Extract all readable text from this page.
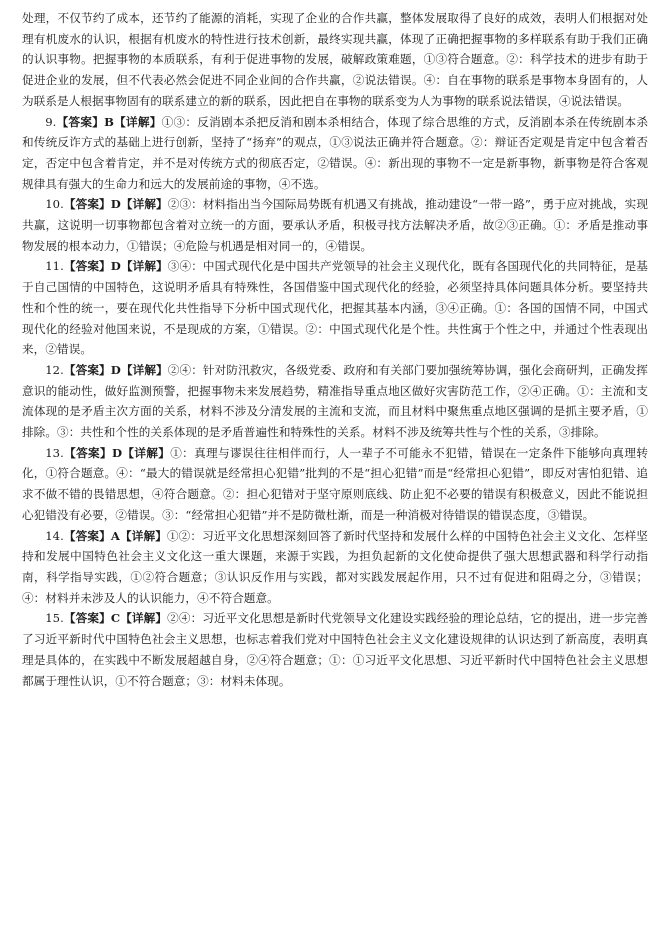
处理，不仅节约了成本，还节约了能源的消耗，实现了企业的合作共赢，整体发展取得了良好的成效，表明人们根据对处理有机废水的认识，根据有机废水的特性进行技术创新，最终实现共赢，体现了正确把握事物的多样联系有助于我们正确的认识事物。把握事物的本质联系，有利于促进事物的发展，破解政策难题，①③符合题意。②：科学技术的进步有助于促进企业的发展，但不代表必然会促进不同企业间的合作共赢，②说法错误。④：自在事物的联系是事物本身固有的，人为联系是人根据事物固有的联系建立的新的联系，因此把自在事物的联系变为人为事物的联系说法错误，④说法错误。

9.【答案】B【详解】①③：反消剧本杀把反消和剧本杀相结合，体现了综合思维的方式，反消剧本杀在传统剧本杀和传统反诈方式的基础上进行创新，坚持了“扬弃”的观点，①③说法正确并符合题意。②：辩证否定观是肯定中包含着否定，否定中包含着肯定，并不是对传统方式的彻底否定，②错误。④：新出现的事物不一定是新事物，新事物是符合客观规律具有强大的生命力和远大的发展前途的事物，④不选。

10.【答案】D【详解】②③：材料指出当今国际局势既有机遇又有挑战，推动建设“一带一路”，勇于应对挑战，实现共赢，这说明一切事物都包含着对立统一的方面，要承认矛盾，积极寻找方法解决矛盾，故②③正确。①：矛盾是推动事物发展的根本动力，①错误；④危险与机遇是相对同一的，④错误。

11.【答案】D【详解】③④：中国式现代化是中国共产党领导的社会主义现代化，既有各国现代化的共同特征，是基于自己国情的中国特色，这说明矛盾具有特殊性，各国借鉴中国式现代化的经验，必须坚持具体问题具体分析。要坚持共性和个性的统一，要在现代化共性指导下分析中国式现代化，把握其基本内涵，③④正确。①：各国的国情不同，中国式现代化的经验对他国来说，不是现成的方案，①错误。②：中国式现代化是个性。共性寓于个性之中，并通过个性表现出来，②错误。

12.【答案】D【详解】②④：针对防汛救灾，各级党委、政府和有关部门要加强统筹协调，强化会商研判，正确发挥意识的能动性，做好监测预警，把握事物未来发展趋势，精准指导重点地区做好灾害防范工作，②④正确。①：主流和支流体现的是矛盾主次方面的关系，材料不涉及分清发展的主流和支流，而且材料中聚焦重点地区强调的是抓主要矛盾，①排除。③：共性和个性的关系体现的是矛盾普遍性和特殊性的关系。材料不涉及统筹共性与个性的关系，③排除。

13.【答案】D【详解】①：真理与谬误往往相伴而行，人一辈子不可能永不犯错，错误在一定条件下能够向真理转化，①符合题意。④：“最大的错误就是经常担心犯错”批判的不是“担心犯错”而是“经常担心犯错”，即反对害怕犯错、追求不做不错的畏错思想，④符合题意。②：担心犯错对于坚守原则底线、防止犯不必要的错误有积极意义，因此不能说担心犯错没有必要，②错误。③：“经常担心犯错”并不是防微杜渐，而是一种消极对待错误的错误态度，③错误。

14.【答案】A【详解】①②：习近平文化思想深刻回答了新时代坚持和发展什么样的中国特色社会主义文化、怎样坚持和发展中国特色社会主义文化这一重大课题，来源于实践，为担负起新的文化使命提供了强大思想武器和科学行动指南，科学指导实践，①②符合题意；③认识反作用与实践，都对实践发展起作用，只不过有促进和阻碍之分，③错误；④：材料并未涉及人的认识能力，④不符合题意。

15.【答案】C【详解】②④：习近平文化思想是新时代党领导文化建设实践经验的理论总结，它的提出，进一步完善了习近平新时代中国特色社会主义思想，也标志着我们党对中国特色社会主义文化建设规律的认识达到了新高度，表明真理是具体的，在实践中不断发展超越自身，②④符合题意；①：①习近平文化思想、习近平新时代中国特色社会主义思想都属于理性认识，①不符合题意；③：材料未体现。
